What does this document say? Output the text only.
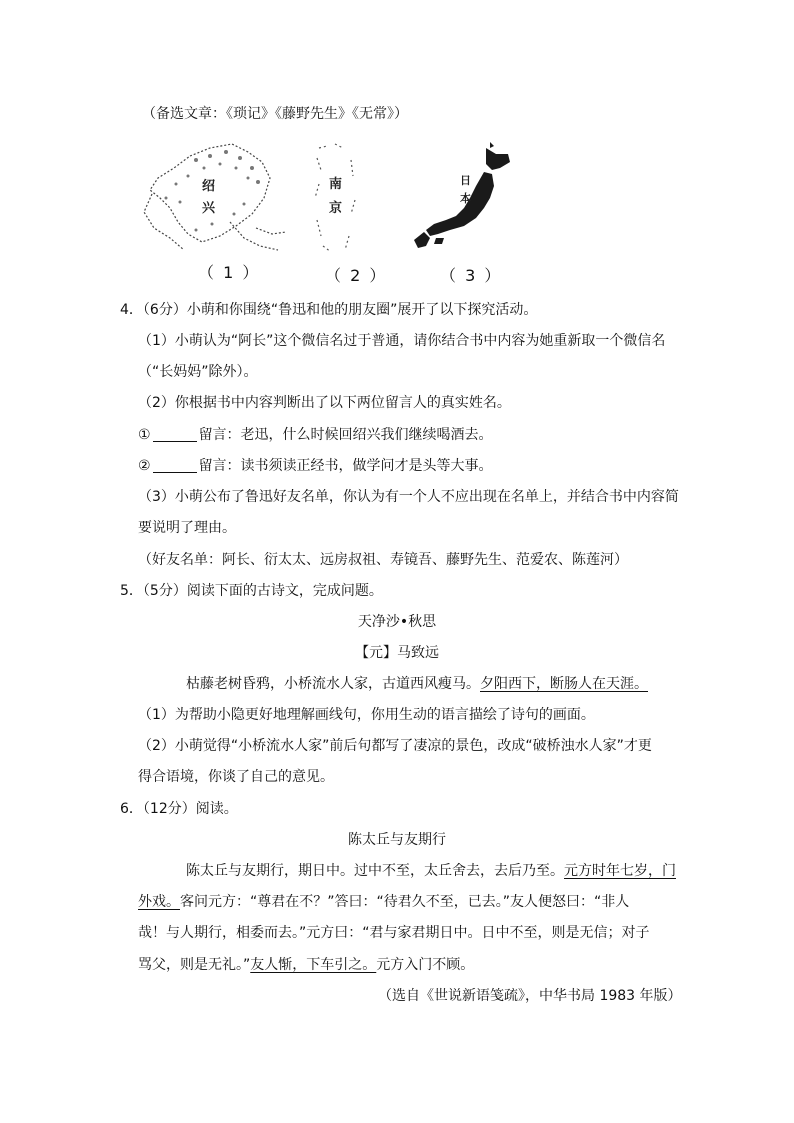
（备选文章：《琐记》《藤野先生》《无常》）
绍
兴
南
京
日
本
（ 1 ）	（ 2 ）	（ 3 ）
4．（6分）小萌和你围绕“鲁迅和他的朋友圈”展开了以下探究活动。
（1）小萌认为“阿长”这个微信名过于普通，请你结合书中内容为她重新取一个微信名
（“长妈妈”除外）。
（2）你根据书中内容判断出了以下两位留言人的真实姓名。
①	留言：老迅，什么时候回绍兴我们继续喝酒去。
②	留言：读书须读正经书，做学问才是头等大事。
（3）小萌公布了鲁迅好友名单，你认为有一个人不应出现在名单上，并结合书中内容简
要说明了理由。
（好友名单：阿长、衍太太、远房叔祖、寿镜吾、藤野先生、范爱农、陈莲河）
5．（5分）阅读下面的古诗文，完成问题。
天净沙•秋思
【元】马致远
枯藤老树昏鸦，小桥流水人家，古道西风瘦马。夕阳西下，断肠人在天涯。
（1）为帮助小隐更好地理解画线句，你用生动的语言描绘了诗句的画面。
（2）小萌觉得“小桥流水人家”前后句都写了凄凉的景色，改成“破桥浊水人家”才更
得合语境，你谈了自己的意见。
6．（12分）阅读。
陈太丘与友期行
陈太丘与友期行，期日中。过中不至，太丘舍去，去后乃至。元方时年七岁，门
外戏。客问元方：“尊君在不？”答曰：“待君久不至，已去。”友人便怒曰：“非人
哉！与人期行，相委而去。”元方曰：“君与家君期日中。日中不至，则是无信；对子
骂父，则是无礼。”友人惭，下车引之。元方入门不顾。
（选自《世说新语笺疏》，中华书局 1983 年版）
